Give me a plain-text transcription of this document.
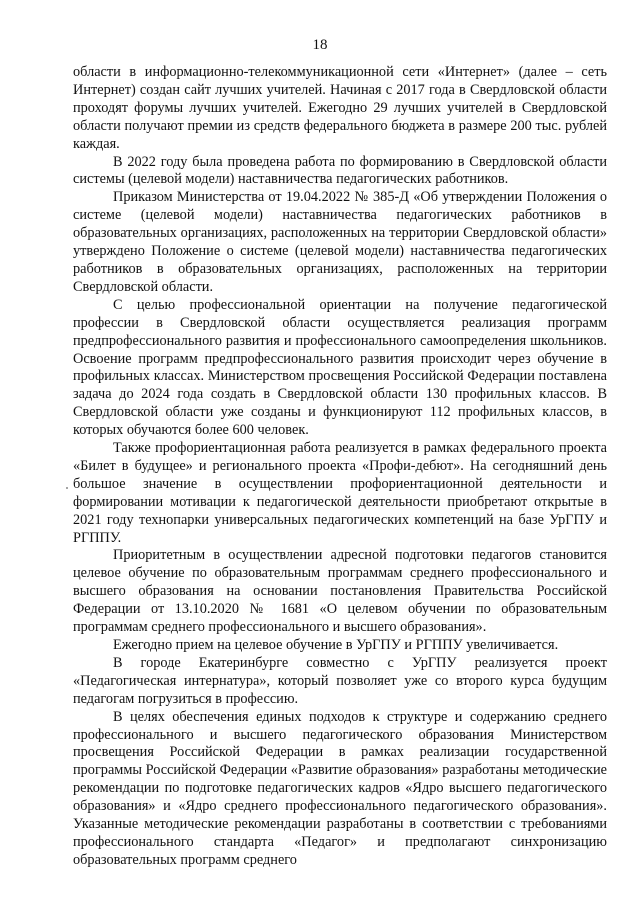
18

области в информационно-телекоммуникационной сети «Интернет» (далее – сеть Интернет) создан сайт лучших учителей. Начиная с 2017 года в Свердловской области проходят форумы лучших учителей. Ежегодно 29 лучших учителей в Свердловской области получают премии из средств федерального бюджета в размере 200 тыс. рублей каждая.

В 2022 году была проведена работа по формированию в Свердловской области системы (целевой модели) наставничества педагогических работников.

Приказом Министерства от 19.04.2022 № 385-Д «Об утверждении Положения о системе (целевой модели) наставничества педагогических работников в образовательных организациях, расположенных на территории Свердловской области» утверждено Положение о системе (целевой модели) наставничества педагогических работников в образовательных организациях, расположенных на территории Свердловской области.

С целью профессиональной ориентации на получение педагогической профессии в Свердловской области осуществляется реализация программ предпрофессионального развития и профессионального самоопределения школьников. Освоение программ предпрофессионального развития происходит через обучение в профильных классах. Министерством просвещения Российской Федерации поставлена задача до 2024 года создать в Свердловской области 130 профильных классов. В Свердловской области уже созданы и функционируют 112 профильных классов, в которых обучаются более 600 человек.

Также профориентационная работа реализуется в рамках федерального проекта «Билет в будущее» и регионального проекта «Профи-дебют». На сегодняшний день большое значение в осуществлении профориентационной деятельности и формировании мотивации к педагогической деятельности приобретают открытые в 2021 году технопарки универсальных педагогических компетенций на базе УрГПУ и РГППУ.

Приоритетным в осуществлении адресной подготовки педагогов становится целевое обучение по образовательным программам среднего профессионального и высшего образования на основании постановления Правительства Российской Федерации от 13.10.2020 № 1681 «О целевом обучении по образовательным программам среднего профессионального и высшего образования».

Ежегодно прием на целевое обучение в УрГПУ и РГППУ увеличивается.

В городе Екатеринбурге совместно с УрГПУ реализуется проект «Педагогическая интернатура», который позволяет уже со второго курса будущим педагогам погрузиться в профессию.

В целях обеспечения единых подходов к структуре и содержанию среднего профессионального и высшего педагогического образования Министерством просвещения Российской Федерации в рамках реализации государственной программы Российской Федерации «Развитие образования» разработаны методические рекомендации по подготовке педагогических кадров «Ядро высшего педагогического образования» и «Ядро среднего профессионального педагогического образования». Указанные методические рекомендации разработаны в соответствии с требованиями профессионального стандарта «Педагог» и предполагают синхронизацию образовательных программ среднего
